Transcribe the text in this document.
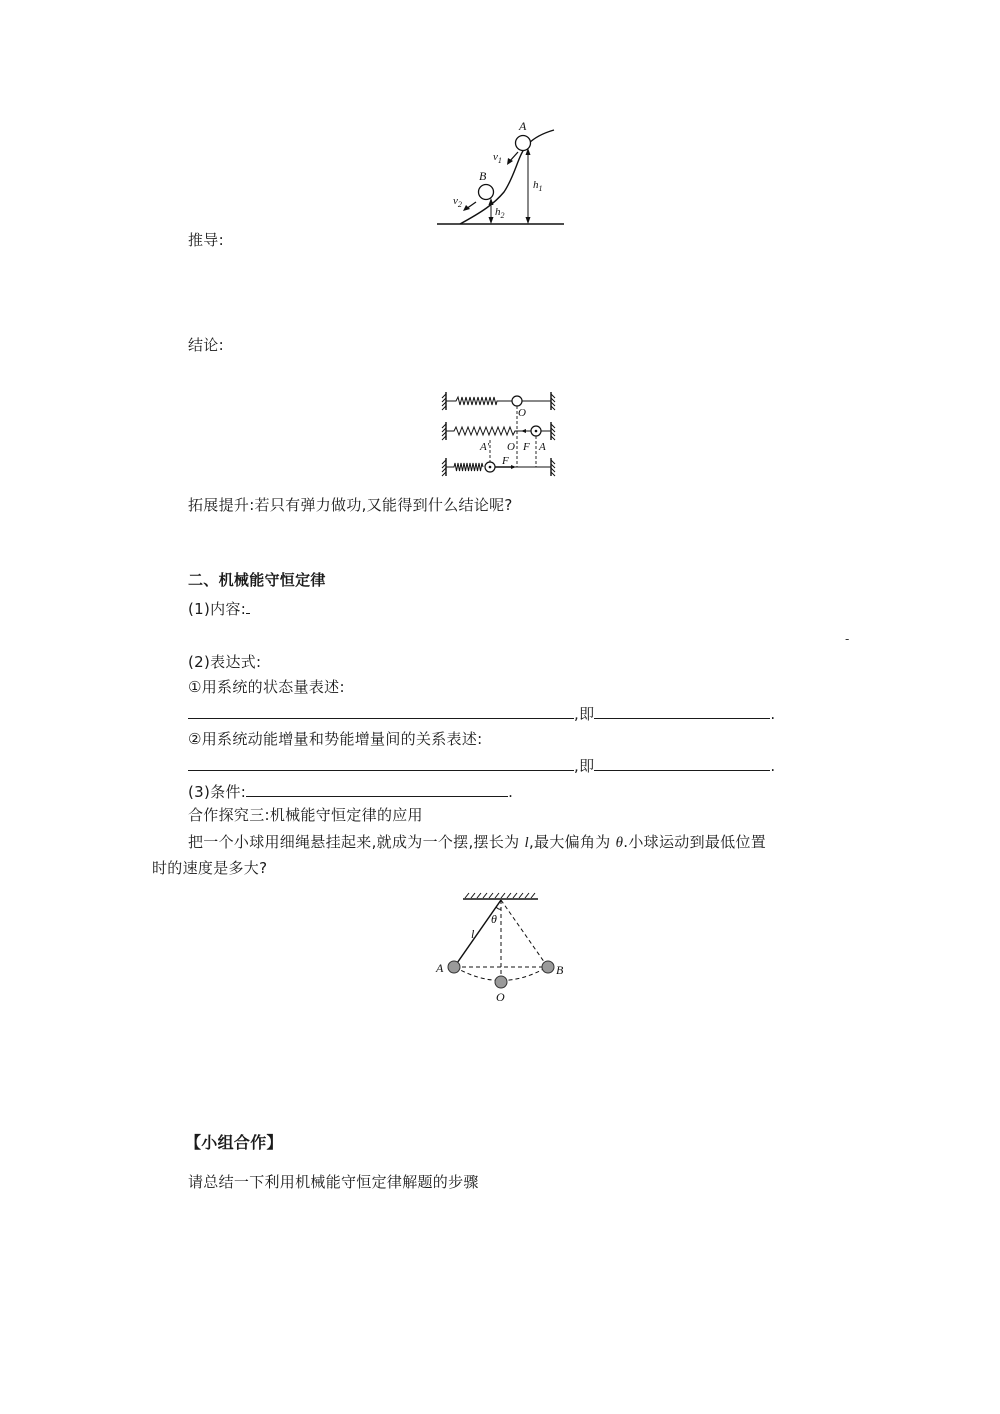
A
B
$v_1$
$v_2$
$h_1$
$h_2$
推导:
结论:
O
A′ O F A
F
拓展提升:若只有弹力做功,又能得到什么结论呢?
二、机械能守恒定律
(1)内容:
-
(2)表达式:
①用系统的状态量表述:
,即	.
②用系统动能增量和势能增量间的关系表述:
,即	.
(3)条件:	.
合作探究三:机械能守恒定律的应用
把一个小球用细绳悬挂起来,就成为一个摆,摆长为 l,最大偏角为 θ.小球运动到最低位置
时的速度是多大?
l
θ
A	B
O
【小组合作】
请总结一下利用机械能守恒定律解题的步骤
